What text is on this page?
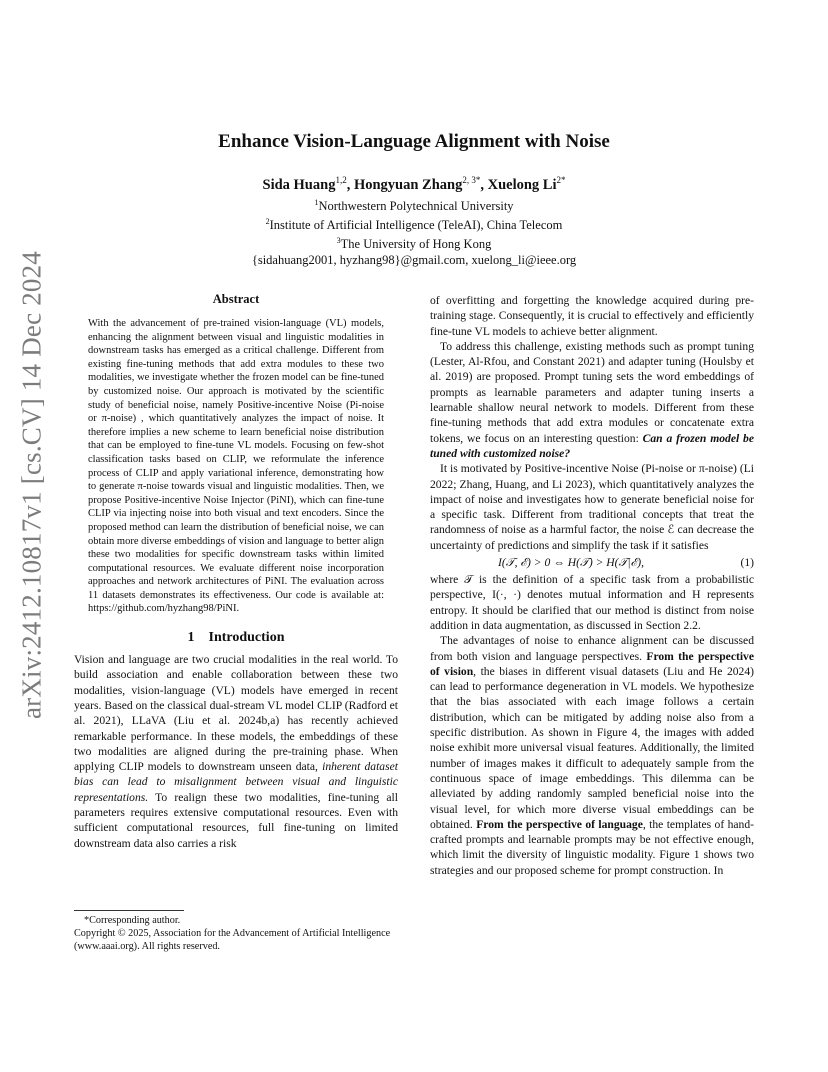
arXiv:2412.10817v1 [cs.CV] 14 Dec 2024
Enhance Vision-Language Alignment with Noise
Sida Huang$^{1,2}$, Hongyuan Zhang$^{2, 3*}$, Xuelong $Li^{2*}$
$^1$Northwestern Polytechnical University
$^2$Institute of Artificial Intelligence (TeleAI), China Telecom
$^3$The University of Hong Kong
{sidahuang2001, hyzhang98}@gmail.com, xuelong_li@ieee.org
Abstract

With the advancement of pre-trained vision-language (VL) models, enhancing the alignment between visual and linguistic modalities in downstream tasks has emerged as a critical challenge. Different from existing fine-tuning methods that add extra modules to these two modalities, we investigate whether the frozen model can be fine-tuned by customized noise. Our approach is motivated by the scientific study of beneficial noise, namely Positive-incentive Noise (Pi-noise or π-noise) , which quantitatively analyzes the impact of noise. It therefore implies a new scheme to learn beneficial noise distribution that can be employed to fine-tune VL models. Focusing on few-shot classification tasks based on CLIP, we reformulate the inference process of CLIP and apply variational inference, demonstrating how to generate π-noise towards visual and linguistic modalities. Then, we propose Positive-incentive Noise Injector (PiNI), which can fine-tune CLIP via injecting noise into both visual and text encoders. Since the proposed method can learn the distribution of beneficial noise, we can obtain more diverse embeddings of vision and language to better align these two modalities for specific downstream tasks within limited computational resources. We evaluate different noise incorporation approaches and network architectures of PiNI. The evaluation across 11 datasets demonstrates its effectiveness. Our code is available at: https://github.com/hyzhang98/PiNI.

1 Introduction

Vision and language are two crucial modalities in the real world. To build association and enable collaboration between these two modalities, vision-language (VL) models have emerged in recent years. Based on the classical dual-stream VL model CLIP (Radford et al. 2021), LLaVA (Liu et al. 2024b,a) has recently achieved remarkable performance. In these models, the embeddings of these two modalities are aligned during the pre-training phase. When applying CLIP models to downstream unseen data, inherent dataset bias can lead to misalignment between visual and linguistic representations. To realign these two modalities, fine-tuning all parameters requires extensive computational resources. Even with sufficient computational resources, full fine-tuning on limited downstream data also carries a risk

*Corresponding author.

Copyright © 2025, Association for the Advancement of Artificial Intelligence (www.aaai.org). All rights reserved.

of overfitting and forgetting the knowledge acquired during pre-training stage. Consequently, it is crucial to effectively and efficiently fine-tune VL models to achieve better alignment.

To address this challenge, existing methods such as prompt tuning (Lester, Al-Rfou, and Constant 2021) and adapter tuning (Houlsby et al. 2019) are proposed. Prompt tuning sets the word embeddings of prompts as learnable parameters and adapter tuning inserts a learnable shallow neural network to models. Different from these fine-tuning methods that add extra modules or concatenate extra tokens, we focus on an interesting question: Can a frozen model be tuned with customized noise?

It is motivated by Positive-incentive Noise (Pi-noise or π-noise) (Li 2022; Zhang, Huang, and Li 2023), which quantitatively analyzes the impact of noise and investigates how to generate beneficial noise for a specific task. Different from traditional concepts that treat the randomness of noise as a harmful factor, the noise ℰ can decrease the uncertainty of predictions and simplify the task if it satisfies

I(𝒯, ℰ) > 0 ⇔ H(𝒯) > H(𝒯|ℰ),	(1)

where 𝒯 is the definition of a specific task from a probabilistic perspective, I(·, ·) denotes mutual information and H represents entropy. It should be clarified that our method is distinct from noise addition in data augmentation, as discussed in Section 2.2.

The advantages of noise to enhance alignment can be discussed from both vision and language perspectives. From the perspective of vision, the biases in different visual datasets (Liu and He 2024) can lead to performance degeneration in VL models. We hypothesize that the bias associated with each image follows a certain distribution, which can be mitigated by adding noise also from a specific distribution. As shown in Figure 4, the images with added noise exhibit more universal visual features. Additionally, the limited number of images makes it difficult to adequately sample from the continuous space of image embeddings. This dilemma can be alleviated by adding randomly sampled beneficial noise into the visual level, for which more diverse visual embeddings can be obtained. From the perspective of language, the templates of hand-crafted prompts and learnable prompts may be not effective enough, which limit the diversity of linguistic modality. Figure 1 shows two strategies and our proposed scheme for prompt construction. In
